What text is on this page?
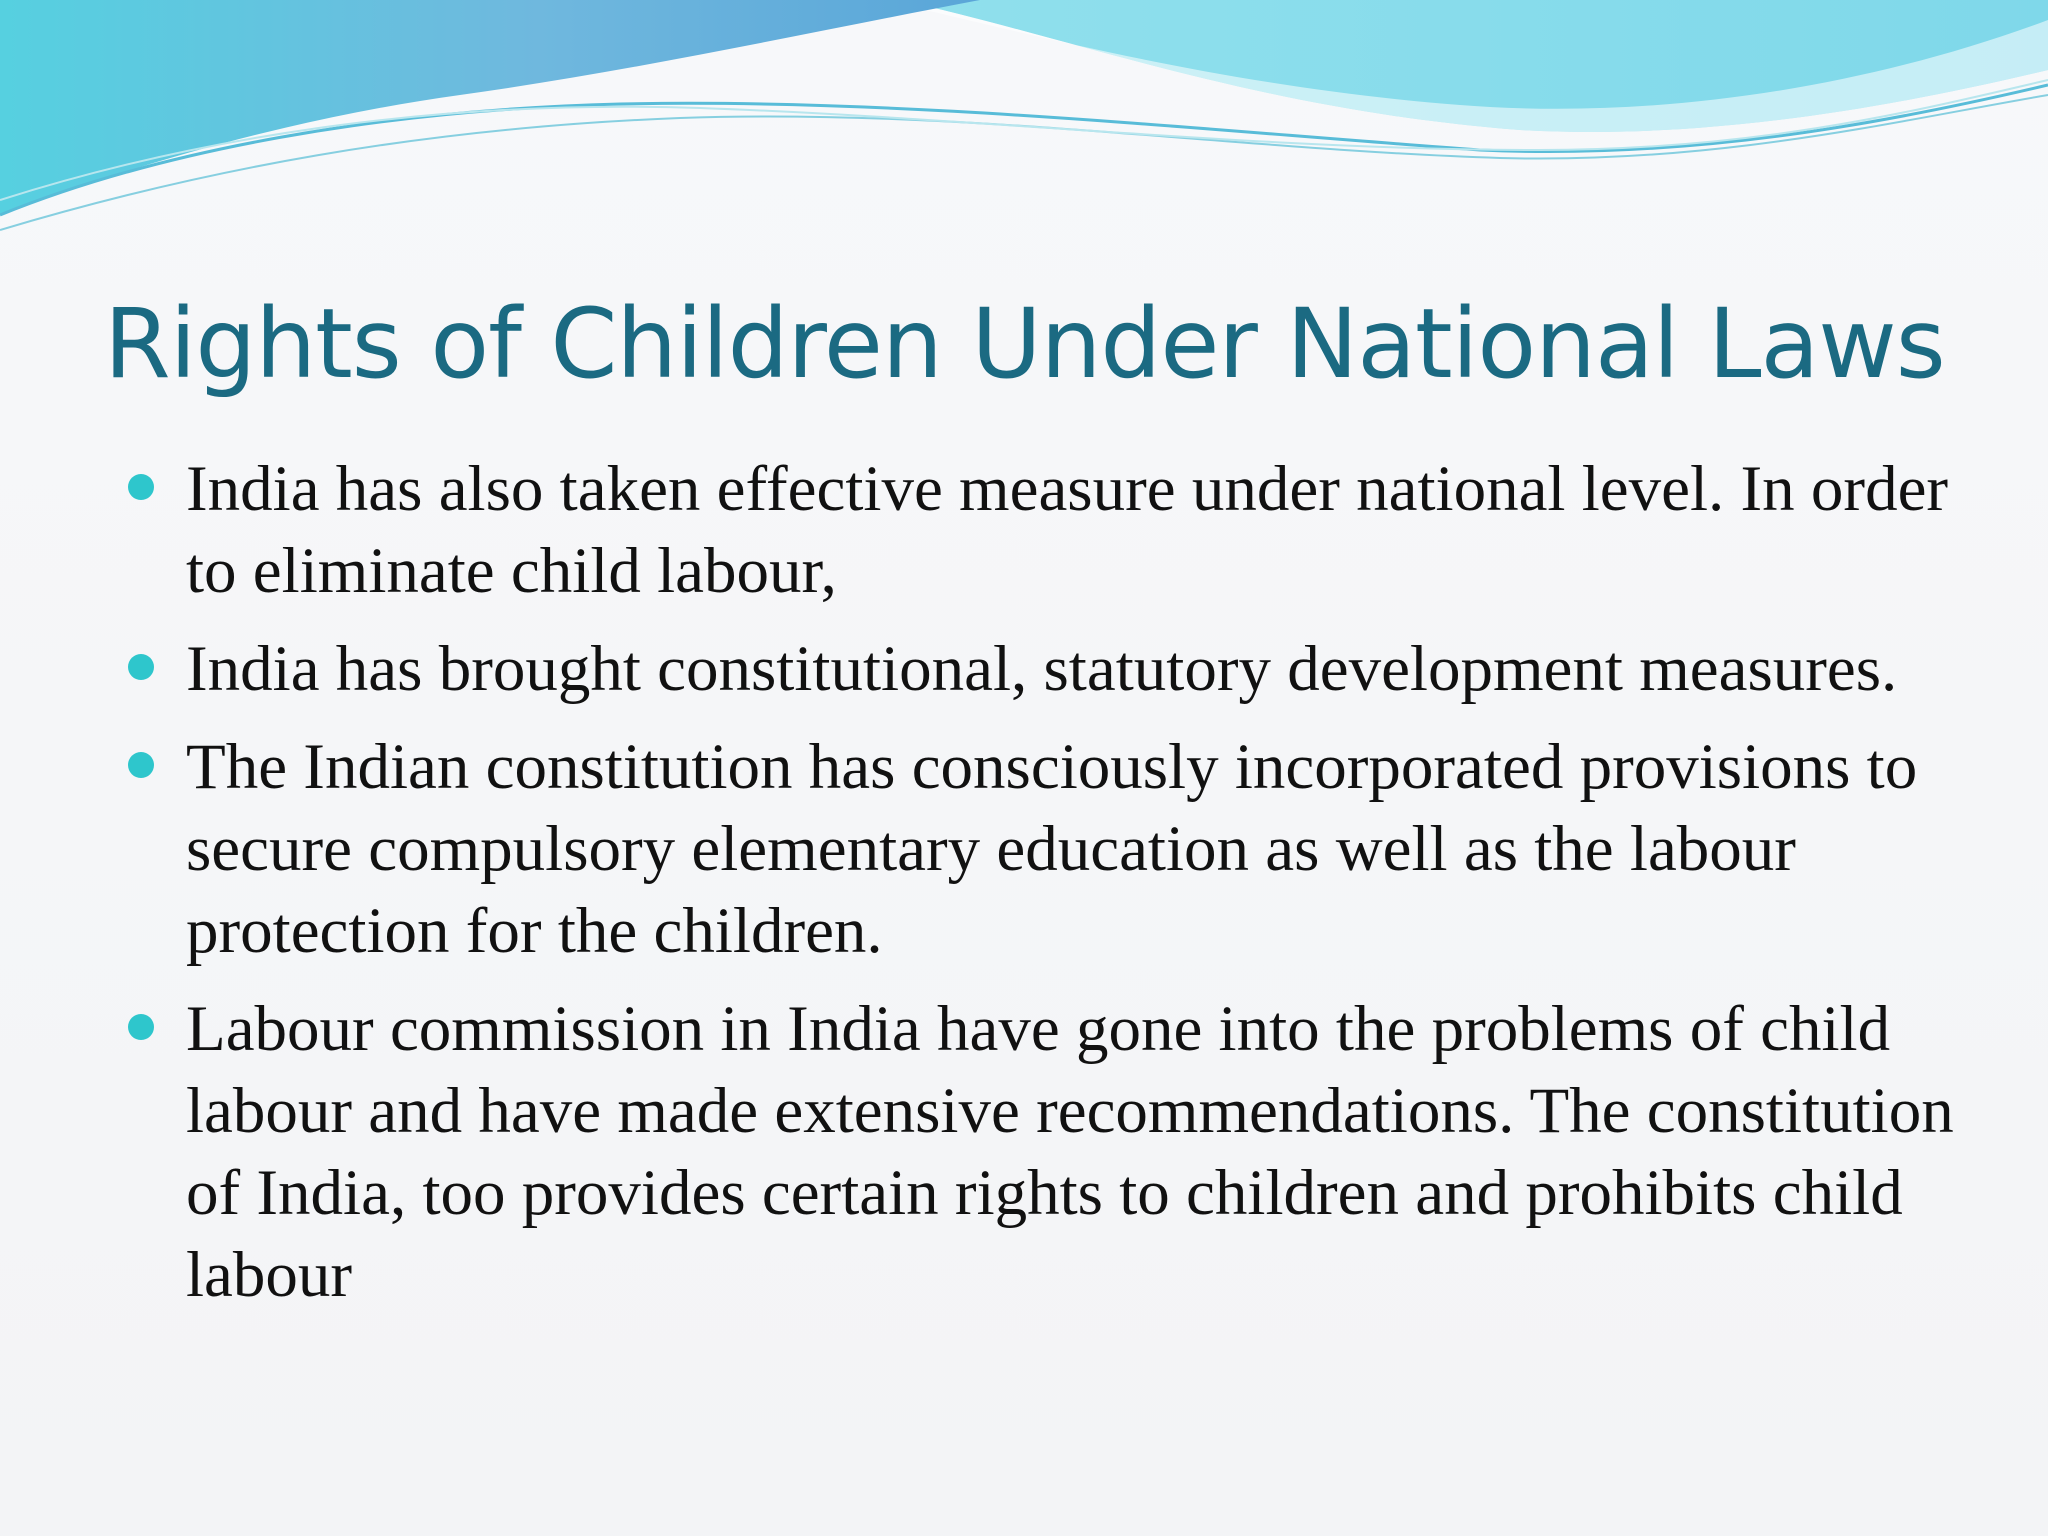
Rights of Children Under National Laws
India has also taken effective measure under national level. In order to eliminate child labour,
India has brought constitutional, statutory development measures.
The Indian constitution has consciously incorporated provisions to secure compulsory elementary education as well as the labour protection for the children.
Labour commission in India have gone into the problems of child labour and have made extensive recommendations. The constitution of India, too provides certain rights to children and prohibits child labour
